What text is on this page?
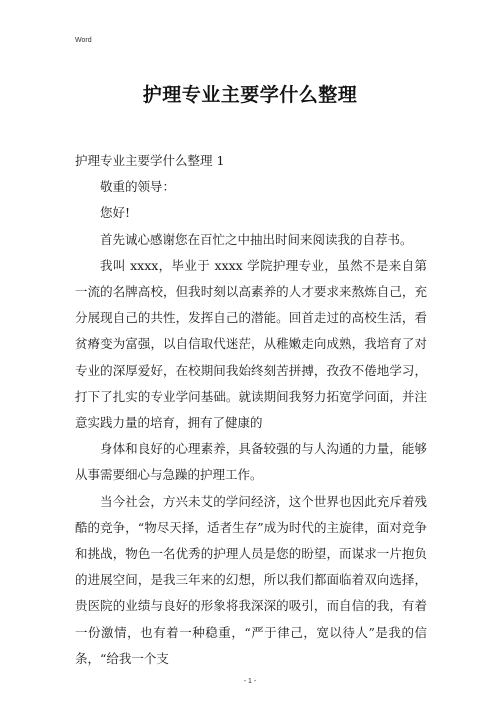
Word
护理专业主要学什么整理

护理专业主要学什么整理 1

敬重的领导：

您好!

首先诚心感谢您在百忙之中抽出时间来阅读我的自荐书。

我叫 xxxx，毕业于 xxxx 学院护理专业，虽然不是来自第一流的名牌高校，但我时刻以高素养的人才要求来熬炼自己，充分展现自己的共性，发挥自己的潜能。回首走过的高校生活，看贫瘠变为富强，以自信取代迷茫，从稚嫩走向成熟，我培育了对专业的深厚爱好，在校期间我始终刻苦拼搏，孜孜不倦地学习，打下了扎实的专业学问基础。就读期间我努力拓宽学问面，并注意实践力量的培育，拥有了健康的

身体和良好的心理素养，具备较强的与人沟通的力量，能够从事需要细心与急躁的护理工作。

当今社会，方兴未艾的学问经济，这个世界也因此充斥着残酷的竞争，“物尽天择，适者生存”成为时代的主旋律，面对竞争和挑战，物色一名优秀的护理人员是您的盼望，而谋求一片抱负的进展空间，是我三年来的幻想，所以我们都面临着双向选择，贵医院的业绩与良好的形象将我深深的吸引，而自信的我，有着一份激情，也有着一种稳重，“严于律己，宽以待人”是我的信条，“给我一个支

- 1 -
